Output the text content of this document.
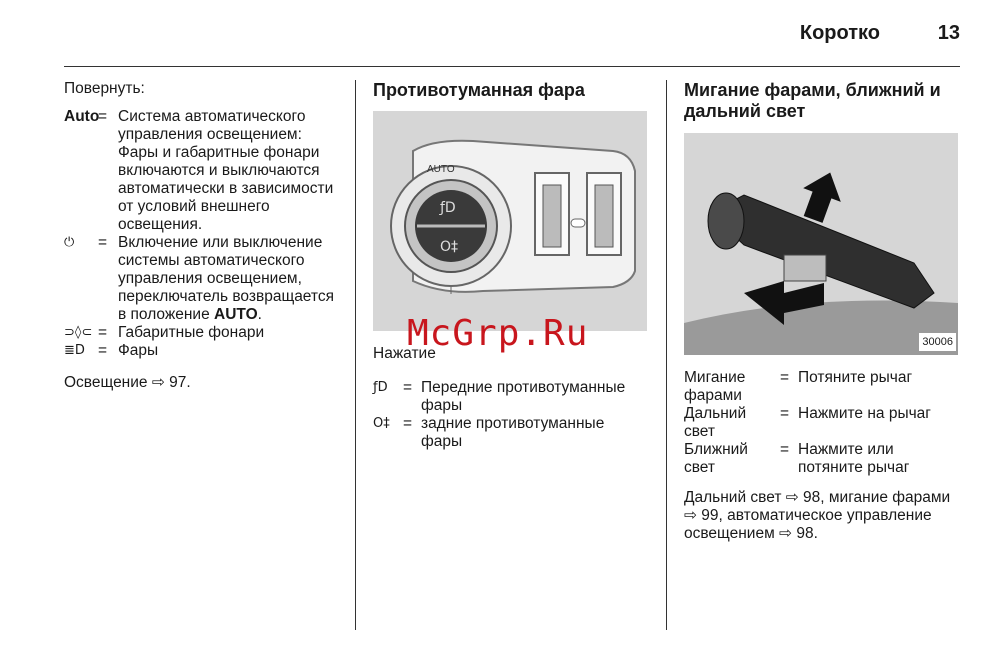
Коротко	13

Повернуть:

Auto
= Система автоматического управления освещением: Фары и габаритные фонари включаются и выключаются автоматически в зависимости от условий внешнего освещения.
⏻	= Включение или выключение системы автоматического управления освещением, переключатель возвращается в положение AUTO.
⊃◊⊂ = Габаритные фонари
≣D = Фары

Освещение ⇨ 97.

Противотуманная фара
ƒD
O‡
AUTO

Нажатие

ƒD = Передние противотуманные фары
O‡ = задние противотуманные фары
Мигание фарами, ближний и дальний свет
30006
Мигание фарами
= Потяните рычаг
Дальний свет
= Нажмите на рычаг
Ближний свет
= Нажмите или потяните рычаг

Дальний свет ⇨ 98, мигание фарами ⇨ 99, автоматическое управление освещением ⇨ 98.

McGrp.Ru
